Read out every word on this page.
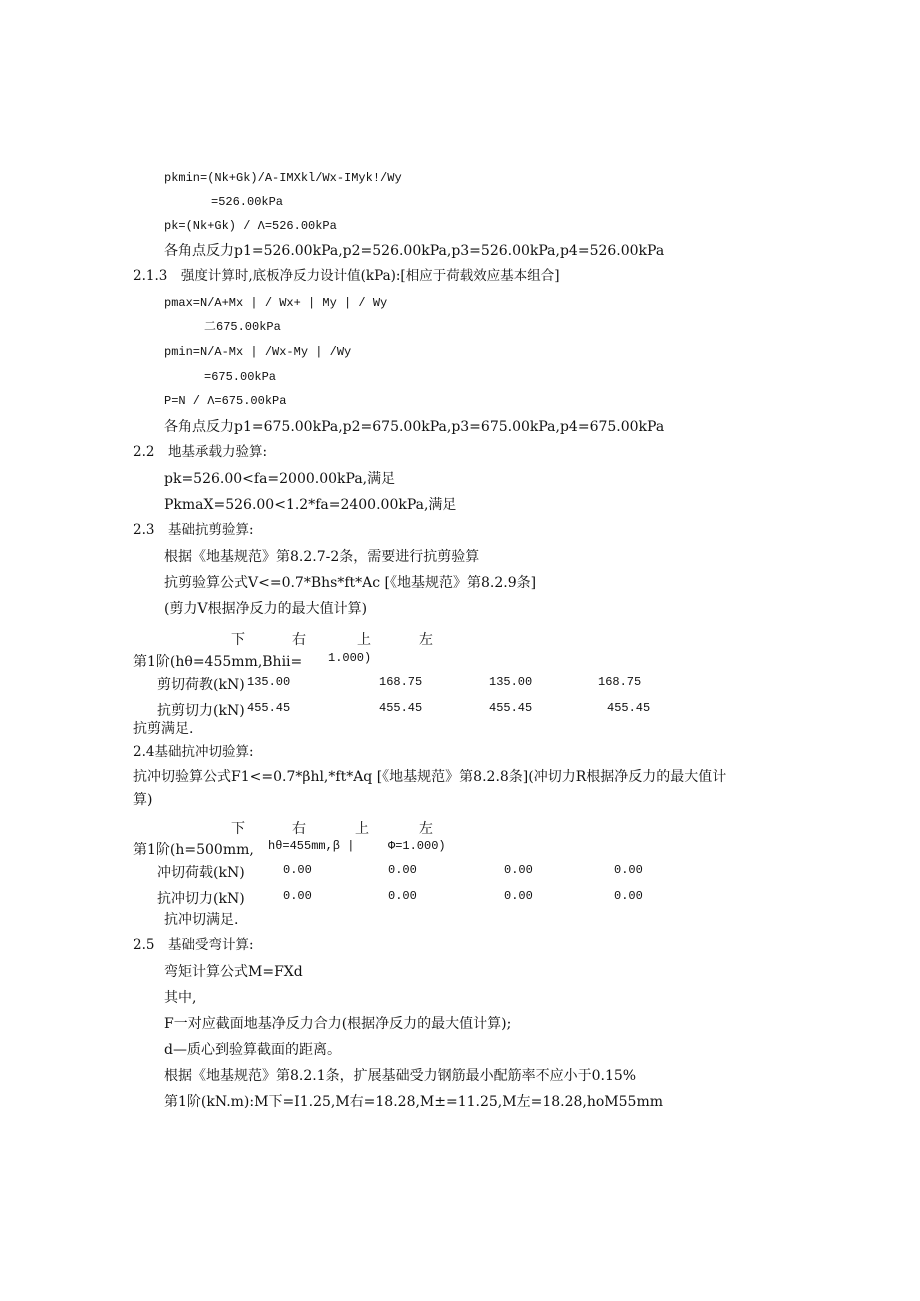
pkmin=(Nk+Gk)/A-IMXkl/Wx-IMyk!/Wy
=526.00kPa
pk=(Nk+Gk) / Λ=526.00kPa
各角点反力p1=526.00kPa,p2=526.00kPa,p3=526.00kPa,p4=526.00kPa
2.1.3　强度计算时,底板净反力设计值(kPa):[相应于荷载效应基本组合]
pmax=N/A+Mx | / Wx+ | My | / Wy
二675.00kPa
pmin=N/A-Mx | /Wx-My | /Wy
=675.00kPa
P=N / Λ=675.00kPa
各角点反力p1=675.00kPa,p2=675.00kPa,p3=675.00kPa,p4=675.00kPa
2.2　地基承载力验算:
pk=526.00<fa=2000.00kPa,满足
PkmaX=526.00<1.2*fa=2400.00kPa,满足
2.3　基础抗剪验算:
根据《地基规范》第8.2.7-2条，需要进行抗剪验算
抗剪验算公式V<=0.7*Bhs*ft*Ac [《地基规范》第8.2.9条]
(剪力V根据净反力的最大值计算)
下	右	上	左
第1阶(hθ=455mm,Bhii= 1.000)
剪切荷教(kN) 135.00	168.75	135.00	168.75
抗剪切力(kN) 455.45	455.45	455.45	455.45
抗剪满足.
2.4基础抗冲切验算:
抗冲切验算公式F1<=0.7*βhl,*ft*Aq [《地基规范》第8.2.8条](冲切力R根据净反力的最大值计
算)
下	右	上	左
第1阶(h=500mm, hθ=455mm,β |	Φ=1.000)
冲切荷载(kN)	0.00	0.00	0.00	0.00
抗冲切力(kN)	0.00	0.00	0.00	0.00
抗冲切满足.
2.5　基础受弯计算:
弯矩计算公式M=FXd
其中,
F一对应截面地基净反力合力(根据净反力的最大值计算);
d—质心到验算截面的距离。
根据《地基规范》第8.2.1条，扩展基础受力钢筋最小配筋率不应小于0.15%
第1阶(kN.m):M下=I1.25,M右=18.28,M±=11.25,M左=18.28,hoM55mm
